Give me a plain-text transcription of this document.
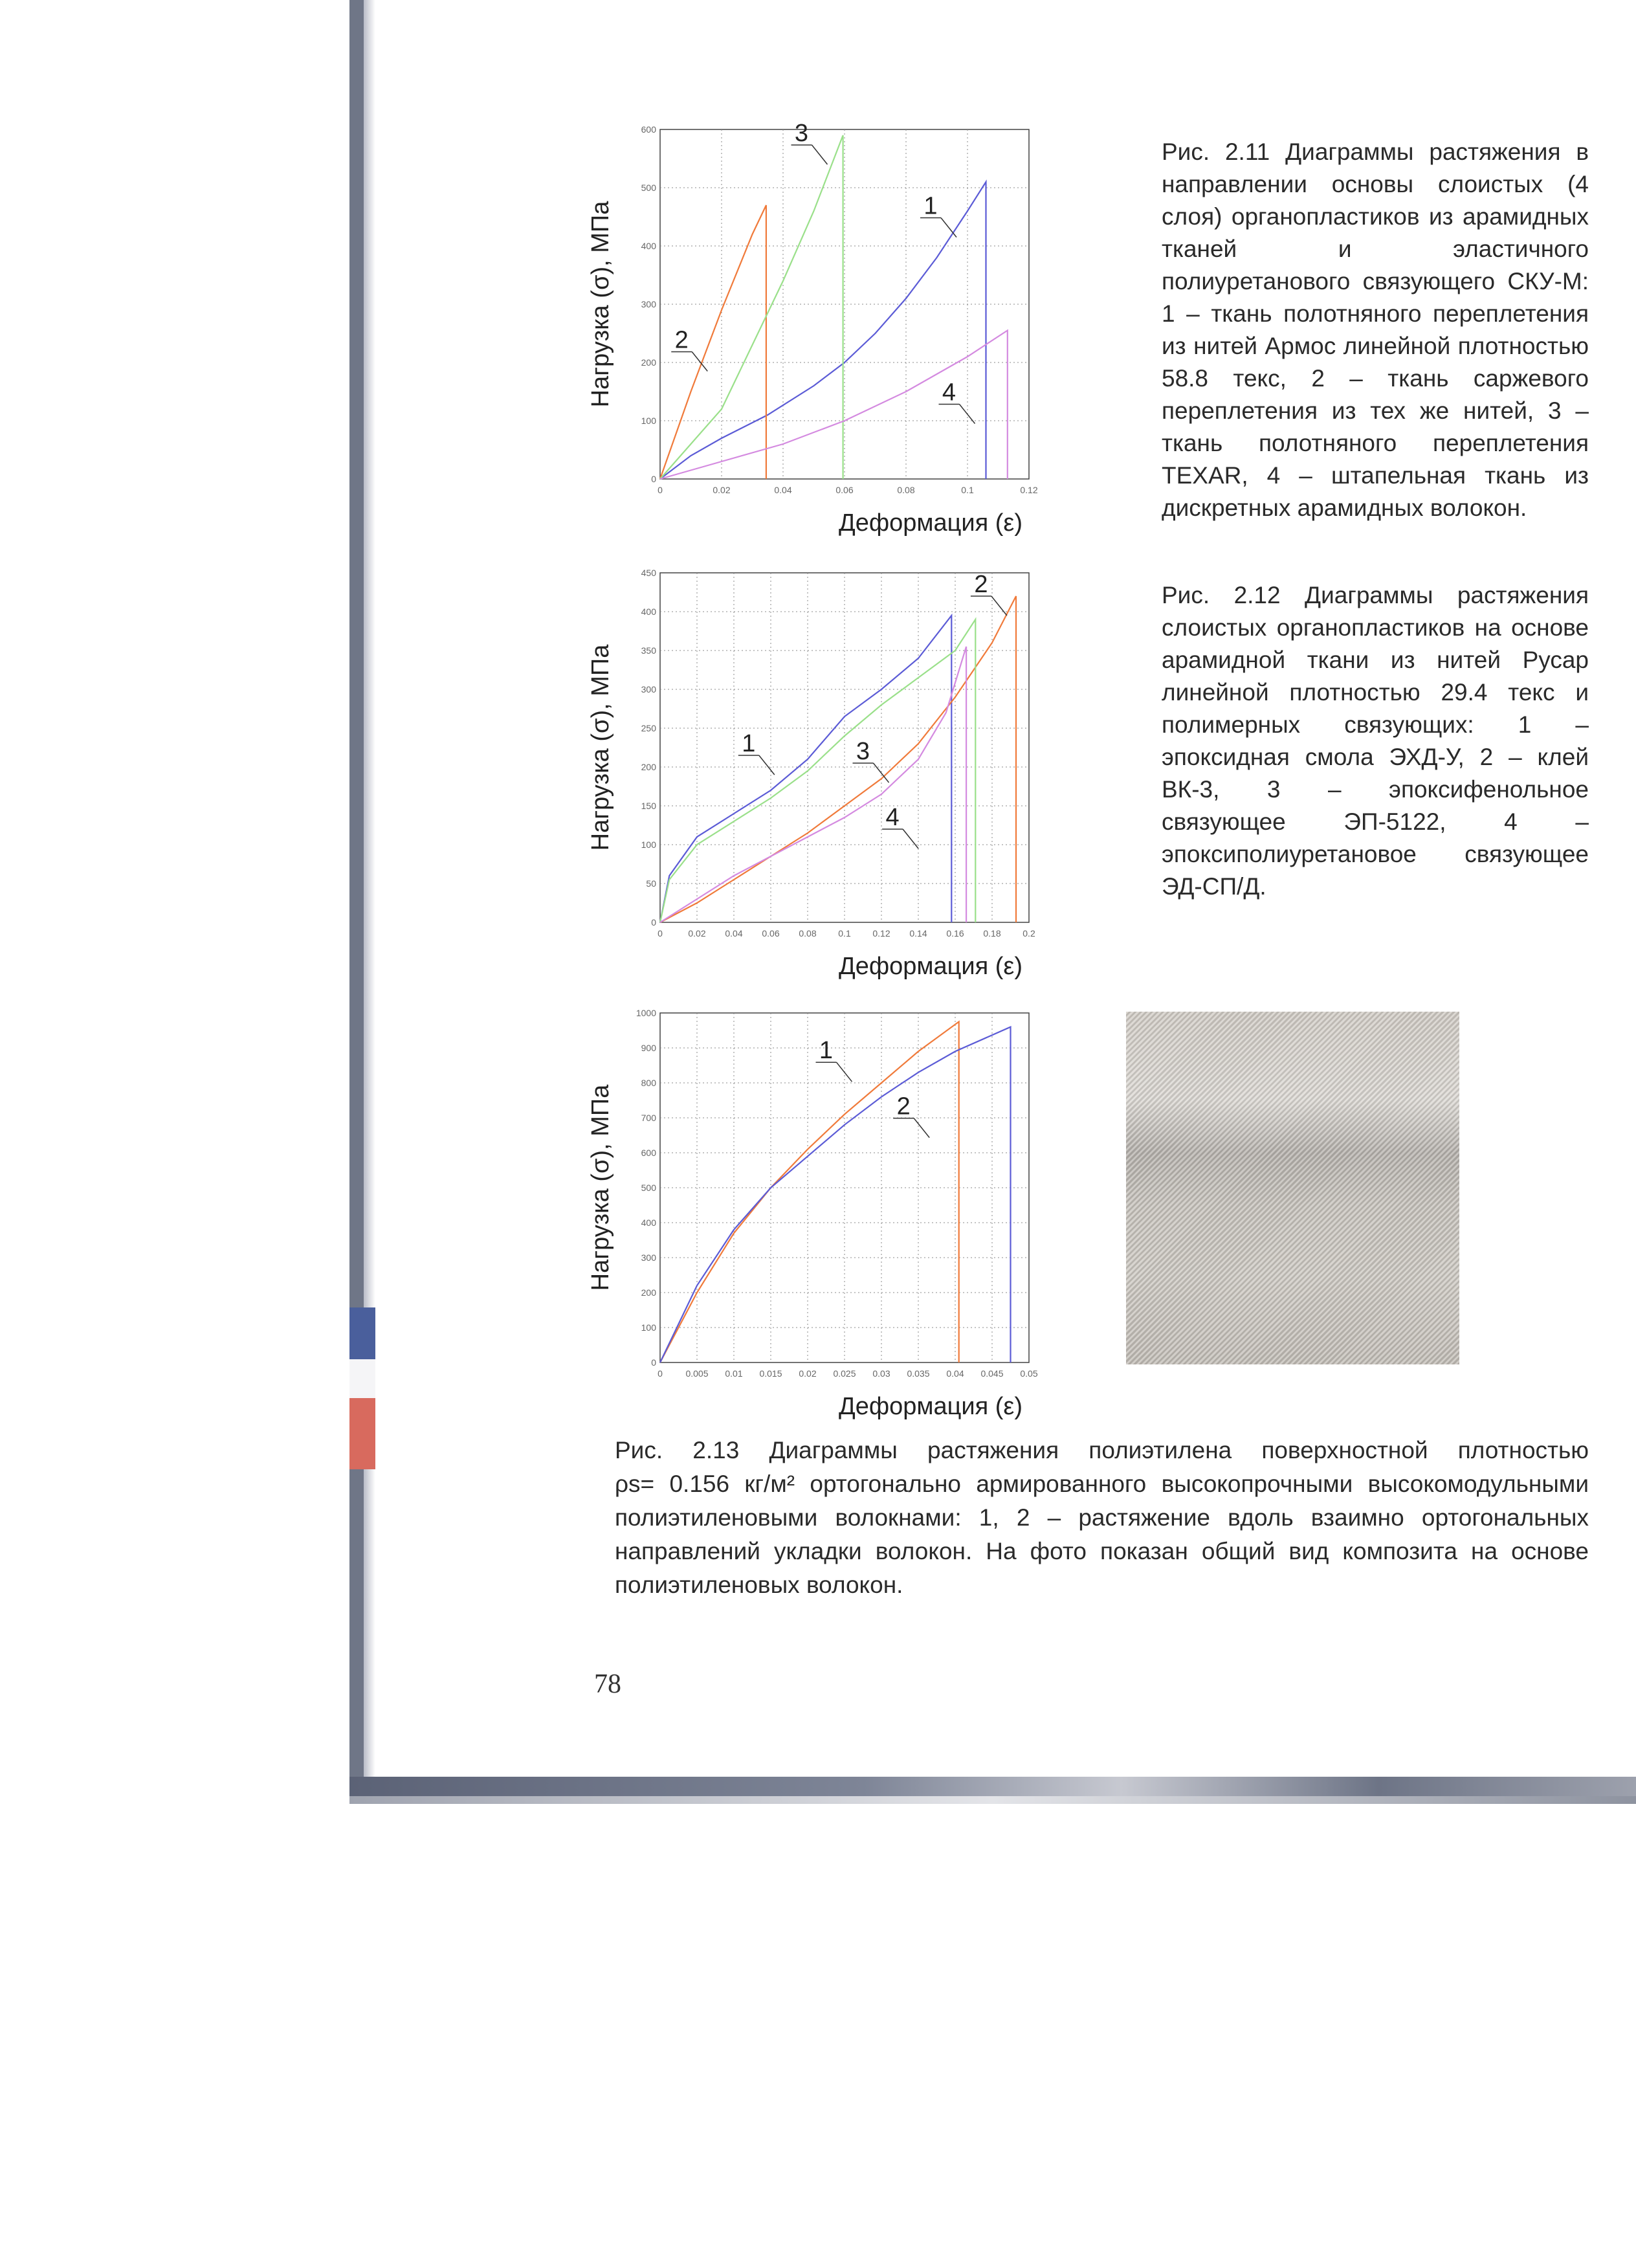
0	0.02	0.04	0.06	0.08	0.1	0.12
0
100
200
300
400
500
600
1
2
3
4
Деформация (ε)
Нагрузка (σ), МПа

Рис. 2.11 Диаграммы растяжения в направлении основы слоистых (4 слоя) органопластиков из арамидных тканей и эластичного полиуретанового связующего СКУ-М: 1 – ткань полотняного переплетения из нитей Армос линейной плотностью 58.8 текс, 2 – ткань саржевого переплетения из тех же нитей, 3 – ткань полотняного переплетения TEXAR, 4 – штапельная ткань из дискретных арамидных волокон.

0	0.02 0.04 0.06 0.08 0.1 0.12 0.14 0.16 0.18 0.2
0
50
100
150
200
250
300
350
400
450
1
2
3
4
Деформация (ε)
Нагрузка (σ), МПа

Рис. 2.12 Диаграммы растяжения слоистых органопластиков на основе арамидной ткани из нитей Русар линейной плотностью 29.4 текс и полимерных связующих: 1 – эпоксидная смола ЭХД-У, 2 – клей ВК-3, 3 – эпоксифенольное связующее ЭП-5122, 4 – эпоксиполиуретановое связующее ЭД-СП/Д.

0	0.005 0.01 0.015 0.02 0.025 0.03 0.035 0.04 0.045 0.05
0
100
200
300
400
500
600
700
800
900
1000
1
2
Деформация (ε)
Нагрузка (σ), МПа

Рис. 2.13 Диаграммы растяжения полиэтилена поверхностной плотностью ρs= 0.156 кг/м² ортогонально армированного высокопрочными высокомодульными полиэтиленовыми волокнами: 1, 2 – растяжение вдоль взаимно ортогональных направлений укладки волокон. На фото показан общий вид композита на основе полиэтиленовых волокон.

78
